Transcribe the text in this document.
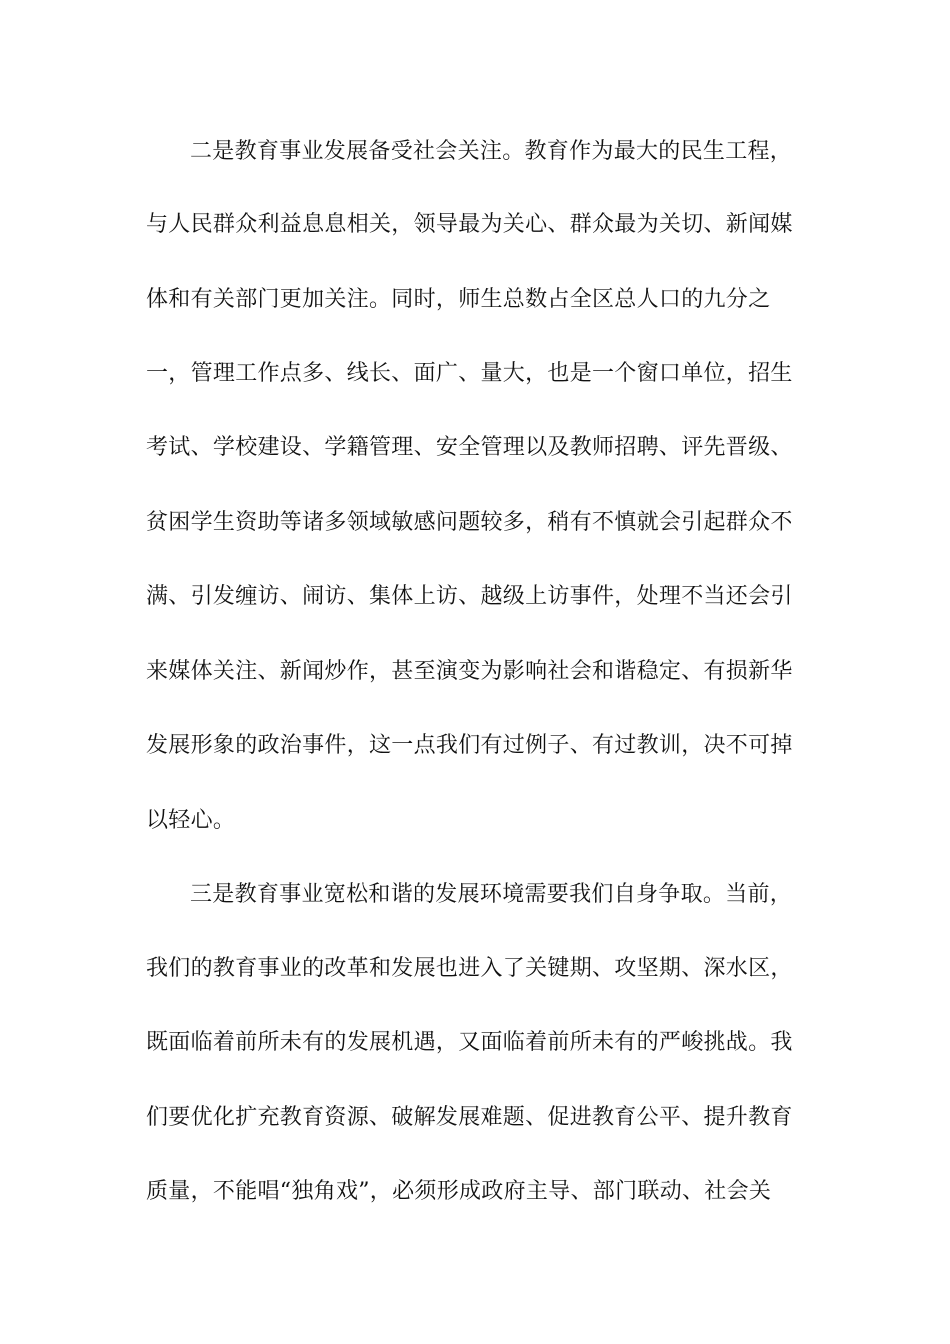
二是教育事业发展备受社会关注。教育作为最大的民生工程，
与人民群众利益息息相关，领导最为关心、群众最为关切、新闻媒
体和有关部门更加关注。同时，师生总数占全区总人口的九分之
一，管理工作点多、线长、面广、量大，也是一个窗口单位，招生
考试、学校建设、学籍管理、安全管理以及教师招聘、评先晋级、
贫困学生资助等诸多领域敏感问题较多，稍有不慎就会引起群众不
满、引发缠访、闹访、集体上访、越级上访事件，处理不当还会引
来媒体关注、新闻炒作，甚至演变为影响社会和谐稳定、有损新华
发展形象的政治事件，这一点我们有过例子、有过教训，决不可掉
以轻心。
三是教育事业宽松和谐的发展环境需要我们自身争取。当前，
我们的教育事业的改革和发展也进入了关键期、攻坚期、深水区，
既面临着前所未有的发展机遇，又面临着前所未有的严峻挑战。我
们要优化扩充教育资源、破解发展难题、促进教育公平、提升教育
质量，不能唱“独角戏”，必须形成政府主导、部门联动、社会关
